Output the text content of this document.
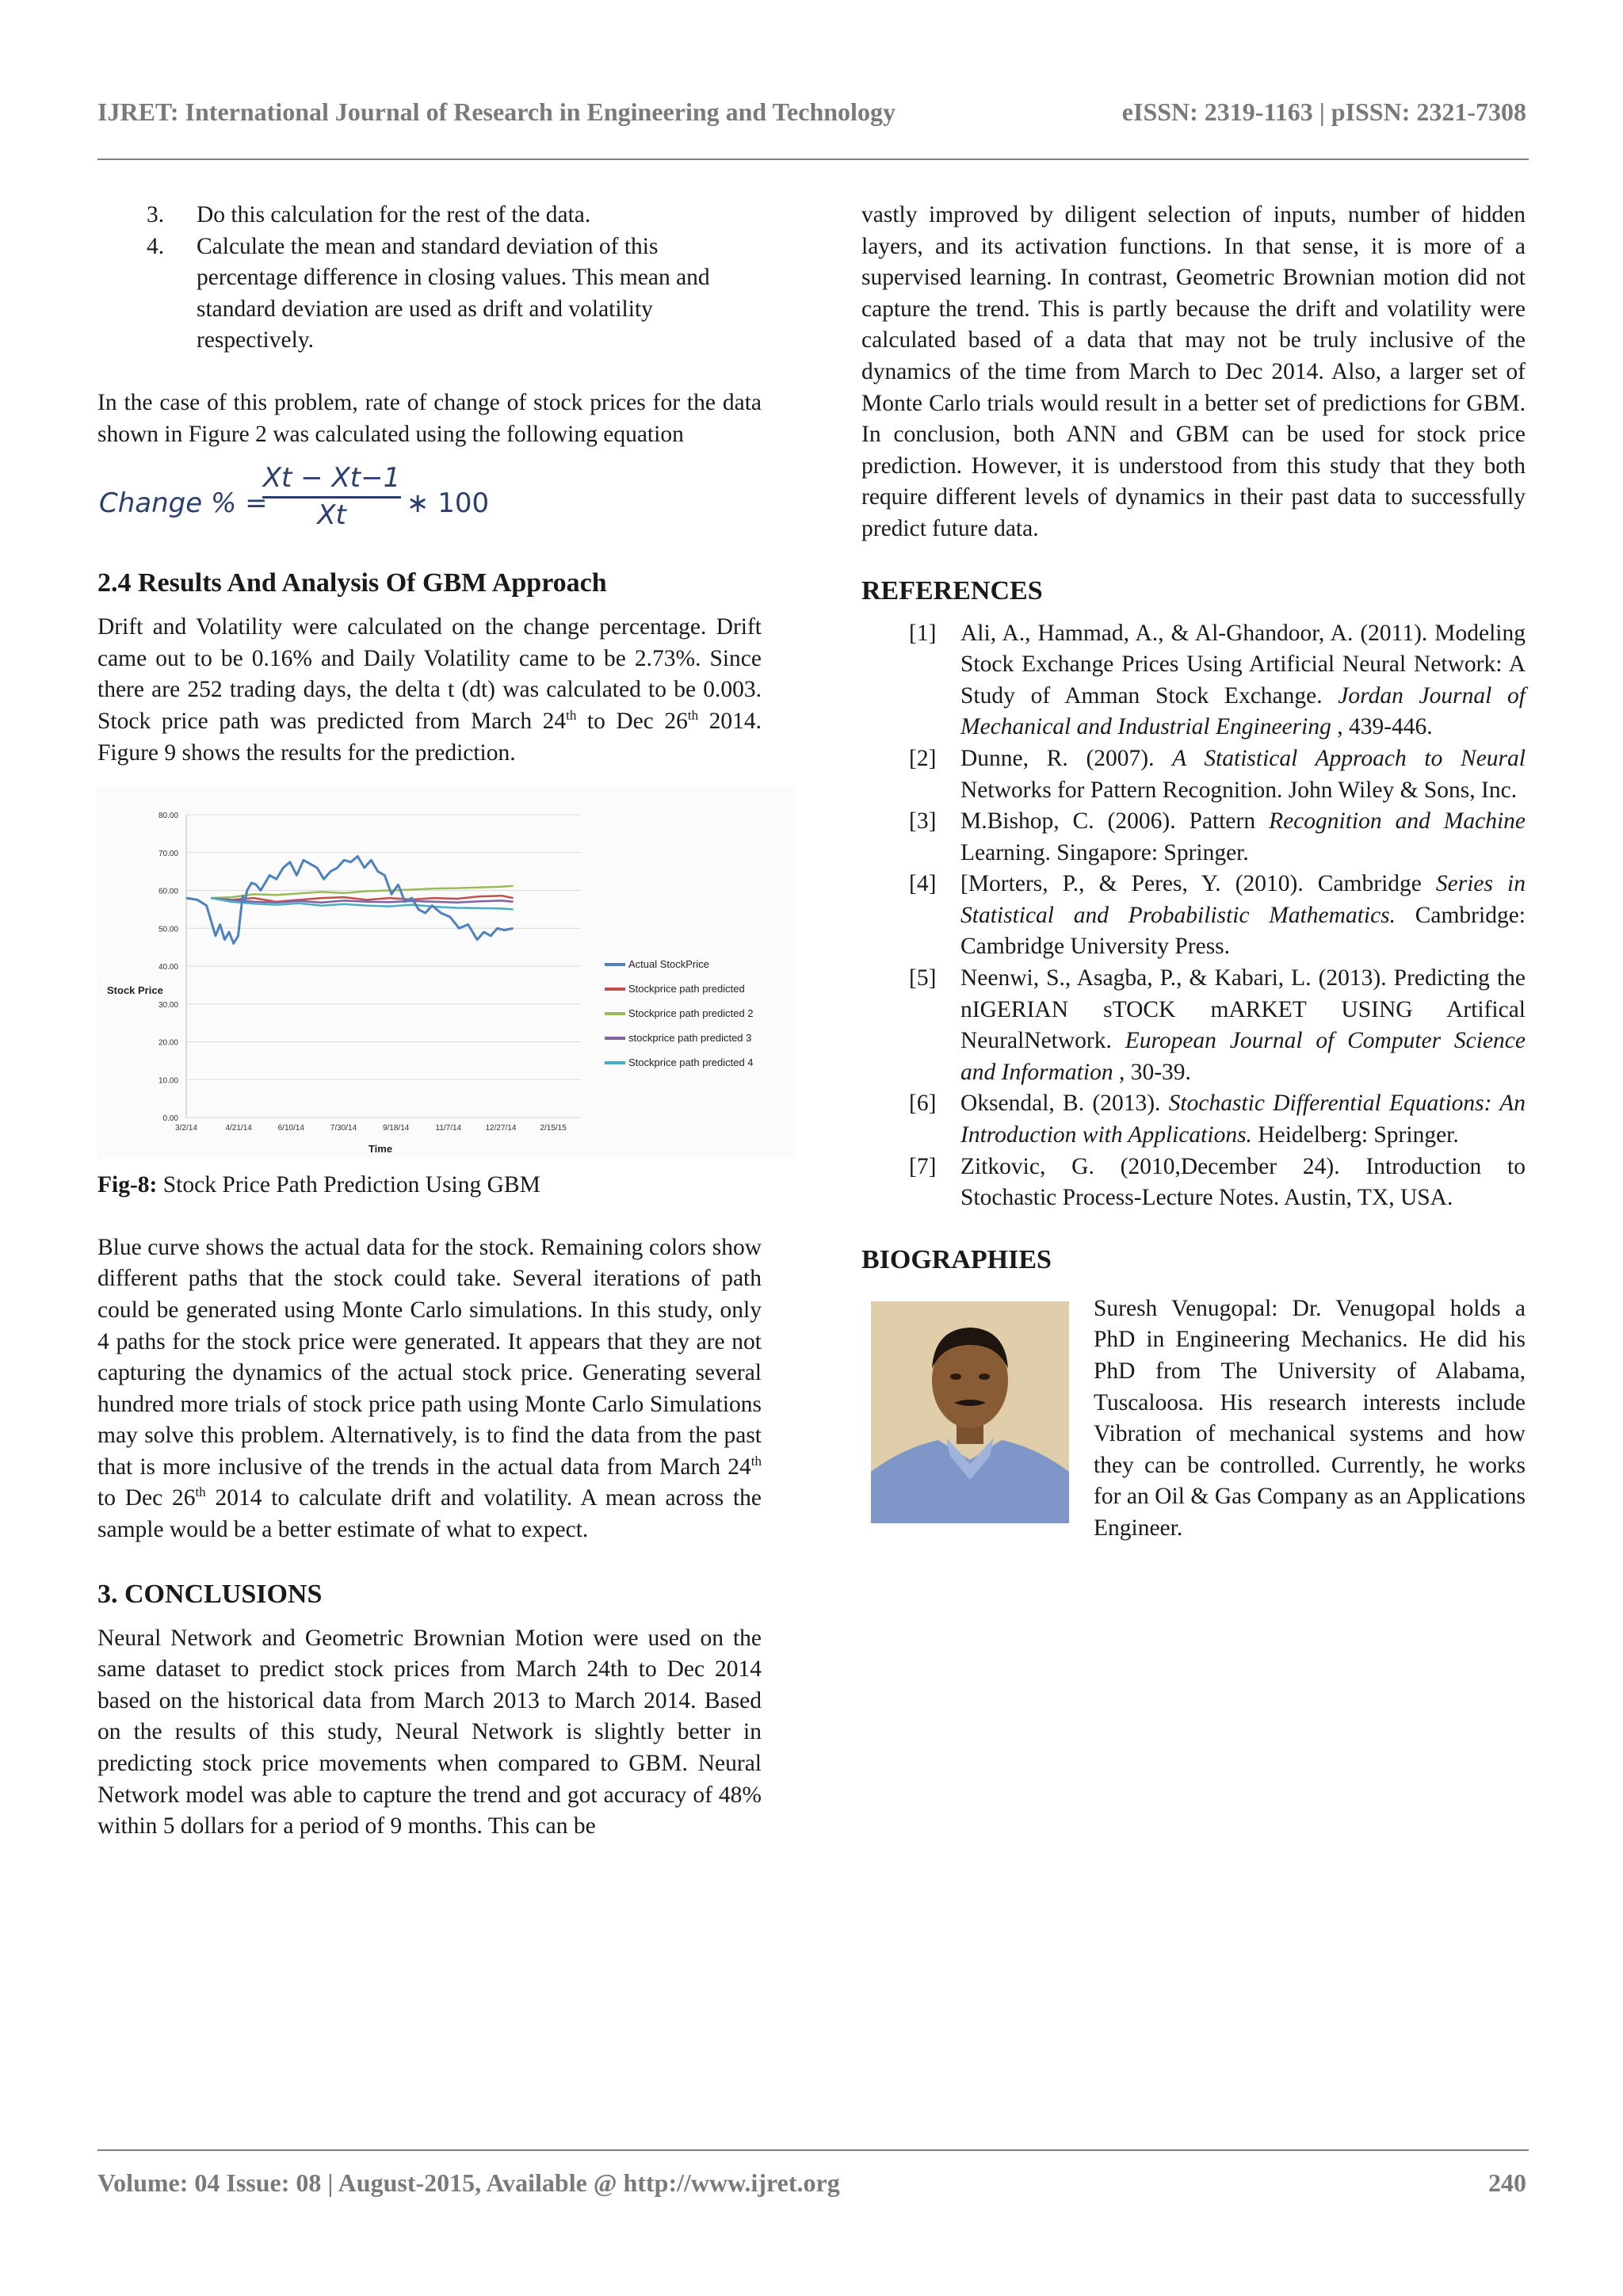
IJRET: International Journal of Research in Engineering and Technology	eISSN: 2319-1163 | pISSN: 2321-7308
3. Do this calculation for the rest of the data.
4. Calculate the mean and standard deviation of this percentage difference in closing values. This mean and standard deviation are used as drift and volatility respectively.

In the case of this problem, rate of change of stock prices for the data shown in Figure 2 was calculated using the following equation

Change % =
$\frac{Xt - Xt-1}{Xt}$ ∗ 100
2.4 Results And Analysis Of GBM Approach

Drift and Volatility were calculated on the change percentage. Drift came out to be 0.16% and Daily Volatility came to be 2.73%. Since there are 252 trading days, the delta t (dt) was calculated to be 0.003. Stock price path was predicted from March 24th to Dec 26th 2014. Figure 9 shows the results for the prediction.

0.00
10.00
20.00
30.00
40.00
50.00
60.00
70.00
80.00
3/2/14	4/21/14	6/10/14	7/30/14	9/18/14	11/7/14	12/27/14	2/15/15
Actual StockPrice
Stockprice path predicted
Stockprice path predicted 2
stockprice path predicted 3
Stockprice path predicted 4
Stock Price
Time

Fig-8: Stock Price Path Prediction Using GBM

Blue curve shows the actual data for the stock. Remaining colors show different paths that the stock could take. Several iterations of path could be generated using Monte Carlo simulations. In this study, only 4 paths for the stock price were generated. It appears that they are not capturing the dynamics of the actual stock price. Generating several hundred more trials of stock price path using Monte Carlo Simulations may solve this problem. Alternatively, is to find the data from the past that is more inclusive of the trends in the actual data from March 24th to Dec 26th 2014 to calculate drift and volatility. A mean across the sample would be a better estimate of what to expect.

3. CONCLUSIONS

Neural Network and Geometric Brownian Motion were used on the same dataset to predict stock prices from March 24th to Dec 2014 based on the historical data from March 2013 to March 2014. Based on the results of this study, Neural Network is slightly better in predicting stock price movements when compared to GBM. Neural Network model was able to capture the trend and got accuracy of 48% within 5 dollars for a period of 9 months. This can be

vastly improved by diligent selection of inputs, number of hidden layers, and its activation functions. In that sense, it is more of a supervised learning. In contrast, Geometric Brownian motion did not capture the trend. This is partly because the drift and volatility were calculated based of a data that may not be truly inclusive of the dynamics of the time from March to Dec 2014. Also, a larger set of Monte Carlo trials would result in a better set of predictions for GBM. In conclusion, both ANN and GBM can be used for stock price prediction. However, it is understood from this study that they both require different levels of dynamics in their past data to successfully predict future data.

REFERENCES
[1] Ali, A., Hammad, A., & Al-Ghandoor, A. (2011). Modeling Stock Exchange Prices Using Artificial Neural Network: A Study of Amman Stock Exchange. Jordan Journal of Mechanical and Industrial Engineering , 439-446.

[2] Dunne, R. (2007). A Statistical Approach to Neural Networks for Pattern Recognition. John Wiley & Sons, Inc.

[3] M.Bishop, C. (2006). Pattern Recognition and Machine Learning. Singapore: Springer.

[4] [Morters, P., & Peres, Y. (2010). Cambridge Series in Statistical and Probabilistic Mathematics. Cambridge: Cambridge University Press.

[5] Neenwi, S., Asagba, P., & Kabari, L. (2013). Predicting the nIGERIAN sTOCK mARKET USING Artifical NeuralNetwork. European Journal of Computer Science and Information , 30-39.

[6] Oksendal, B. (2013). Stochastic Differential Equations: An Introduction with Applications. Heidelberg: Springer.

[7] Zitkovic, G. (2010,December 24). Introduction to Stochastic Process-Lecture Notes. Austin, TX, USA.

BIOGRAPHIES

Suresh Venugopal: Dr. Venugopal holds a PhD in Engineering Mechanics. He did his PhD from The University of Alabama, Tuscaloosa. His research interests include Vibration of mechanical systems and how they can be controlled. Currently, he works for an Oil & Gas Company as an Applications Engineer.

Volume: 04 Issue: 08 | August-2015, Available @ http://www.ijret.org	240
